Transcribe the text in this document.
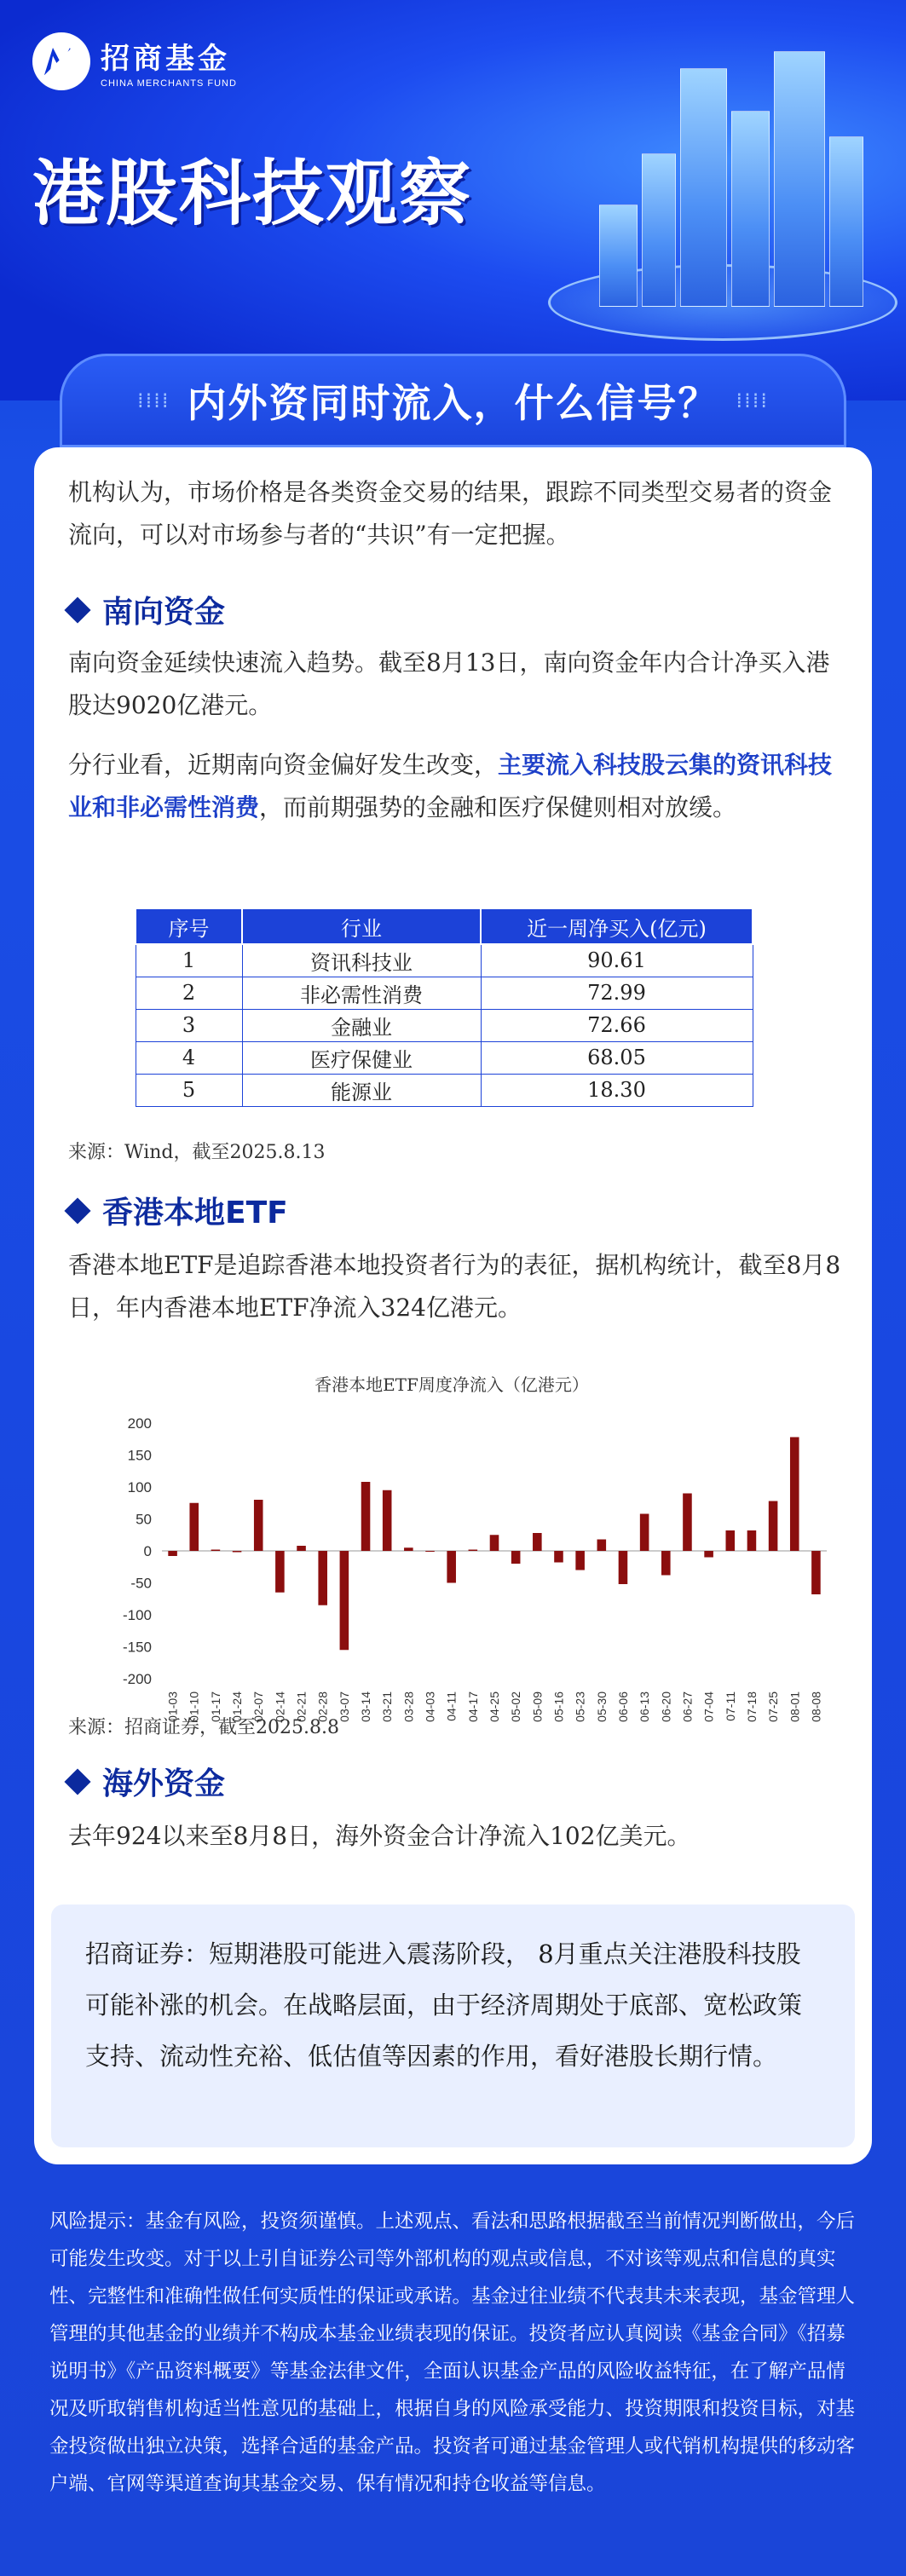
招商基金
CHINA MERCHANTS FUND
港股科技观察
⁞⁞⁞⁞ 内外资同时流入，什么信号？ ⁞⁞⁞⁞
机构认为，市场价格是各类资金交易的结果，跟踪不同类型交易者的资金流向，可以对市场参与者的“共识”有一定把握。
南向资金
南向资金延续快速流入趋势。截至8月13日，南向资金年内合计净买入港股达9020亿港元。
分行业看，近期南向资金偏好发生改变，主要流入科技股云集的资讯科技业和非必需性消费，而前期强势的金融和医疗保健则相对放缓。
序号	行业	近一周净买入(亿元)
1	资讯科技业	90.61
2	非必需性消费	72.99
3	金融业	72.66
4	医疗保健业	68.05
5	能源业	18.30
来源：Wind，截至2025.8.13
香港本地ETF
香港本地ETF是追踪香港本地投资者行为的表征，据机构统计，截至8月8日，年内香港本地ETF净流入324亿港元。
香港本地ETF周度净流入（亿港元）
200
150
100
50
0
-50
-100
-150
-200
01-03 01-10 01-17 01-24 02-07 02-14 02-21 02-28 03-07 03-14 03-21 03-28 04-03 04-11 04-17 04-25 05-02 05-09 05-16 05-23 05-30 06-06 06-13 06-20 06-27 07-04 07-11 07-18 07-25 08-01 08-08
来源：招商证券，截至2025.8.8
海外资金
去年924以来至8月8日，海外资金合计净流入102亿美元。
招商证券：短期港股可能进入震荡阶段， 8月重点关注港股科技股可能补涨的机会。在战略层面，由于经济周期处于底部、宽松政策支持、流动性充裕、低估值等因素的作用，看好港股长期行情。
风险提示：基金有风险，投资须谨慎。上述观点、看法和思路根据截至当前情况判断做出，今后可能发生改变。对于以上引自证券公司等外部机构的观点或信息，不对该等观点和信息的真实性、完整性和准确性做任何实质性的保证或承诺。基金过往业绩不代表其未来表现，基金管理人管理的其他基金的业绩并不构成本基金业绩表现的保证。投资者应认真阅读《基金合同》《招募说明书》《产品资料概要》等基金法律文件，全面认识基金产品的风险收益特征，在了解产品情况及听取销售机构适当性意见的基础上，根据自身的风险承受能力、投资期限和投资目标，对基金投资做出独立决策，选择合适的基金产品。投资者可通过基金管理人或代销机构提供的移动客户端、官网等渠道查询其基金交易、保有情况和持仓收益等信息。
